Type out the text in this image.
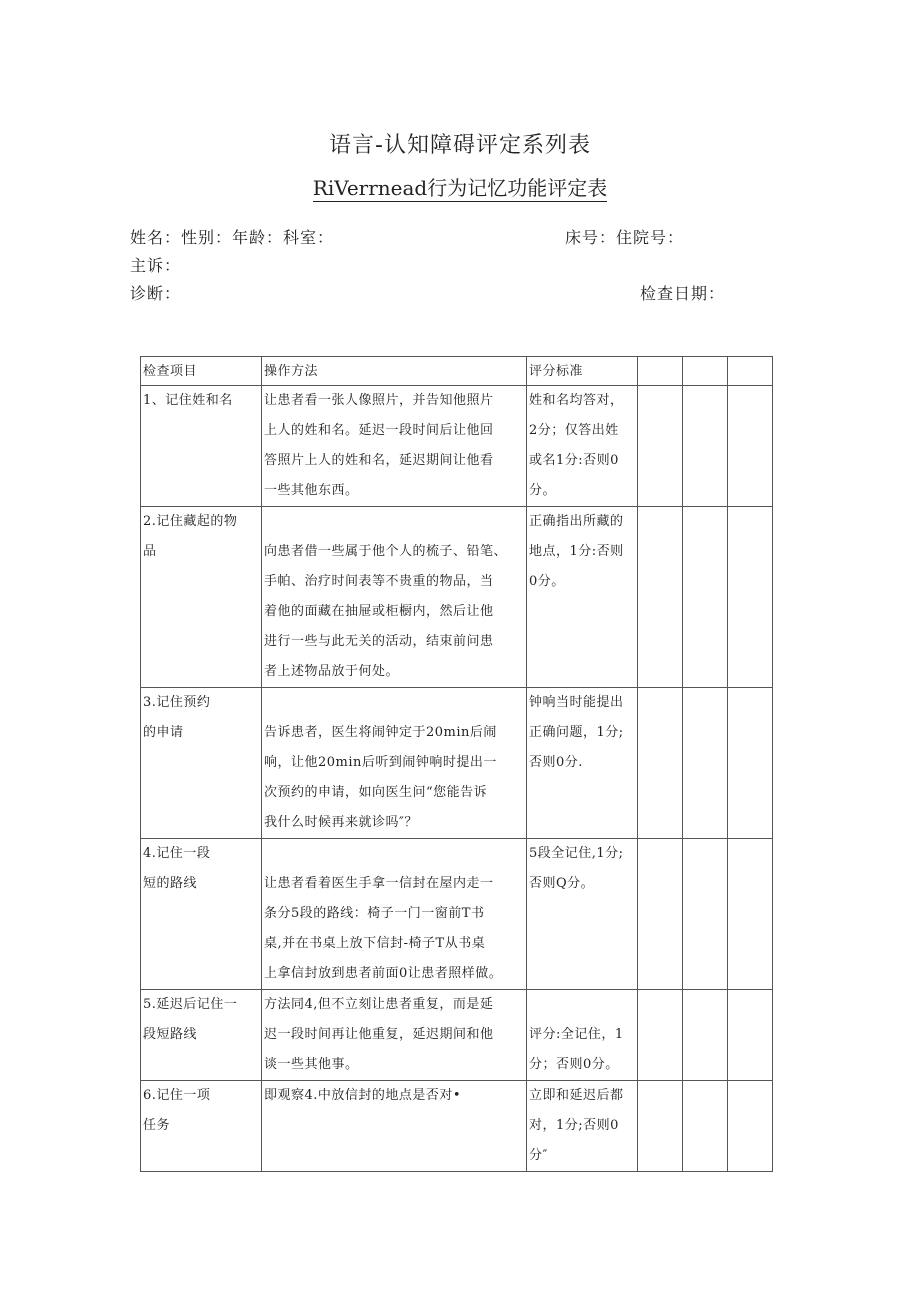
语言-认知障碍评定系列表
RiVerrnead行为记忆功能评定表
姓名：性别：年龄：科室：	床号：住院号：
主诉：
诊断：	检查日期：
检查项目	操作方法	评分标准			

1、记住姓和名	让患者看一张人像照片，并告知他照片
上人的姓和名。延迟一段时间后让他回
答照片上人的姓和名，延迟期间让他看
一些其他东西。	姓和名均答对，
2分；仅答出姓
或名1分:否则0
分。			

2.记住藏起的物
品	向患者借一些属于他个人的梳子、铅笔、
手帕、治疗时间表等不贵重的物品，当
着他的面藏在抽屉或柜橱内，然后让他
进行一些与此无关的活动，结束前问患
者上述物品放于何处。	正确指出所藏的
地点，1分:否则
0分。			

3.记住预约
的申请	告诉患者，医生将闹钟定于20min后闹
响，让他20min后听到闹钟响时提出一
次预约的申请，如向医生问“您能告诉
我什么时候再来就诊吗″？	钟响当时能提出
正确问题，1分;
否则0分.			

4.记住一段
短的路线	让患者看着医生手拿一信封在屋内走一
条分5段的路线：椅子一门一窗前T书
桌,并在书桌上放下信封-椅子T从书桌
上拿信封放到患者前面0让患者照样做。	5段全记住,1分;
否则Q分。			

5.延迟后记住一
段短路线	方法同4,但不立刻让患者重复，而是延
迟一段时间再让他重复，延迟期间和他
谈一些其他事。	评分:全记住，1
分；否则0分。			

6.记住一项
任务	即观察4.中放信封的地点是否对•	立即和延迟后都
对，1分;否则0
分″			
